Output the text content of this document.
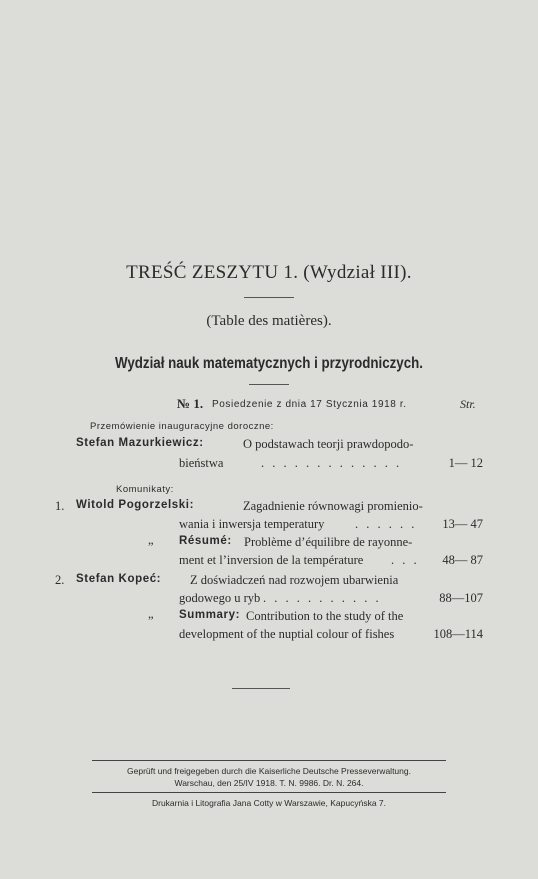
TREŚĆ ZESZYTU 1. (Wydział III).
(Table des matières).
Wydział nauk matematycznych i przyrodniczych.
№ 1. Posiedzenie z dnia 17 Stycznia 1918 r.	Str.
Przemówienie inauguracyjne doroczne:
Stefan Mazurkiewicz:	O podstawach teorji prawdopodo-
bieństwa	. . . . . . . . . . . . .	1— 12
Komunikaty:
1. Witold Pogorzelski:	Zagadnienie równowagi promienio-
wania i inwersja temperatury . . . . . .	13— 47
„ Résumé: Problème d’équilibre de rayonne-
ment et l’inversion de la température . . .	48— 87
2. Stefan Kopeć: Z doświadczeń nad rozwojem ubarwienia
godowego u ryb . . . . . . . . . . .	88—107
„ Summary: Contribution to the study of the
development of the nuptial colour of fishes	108—114
Geprüft und freigegeben durch die Kaiserliche Deutsche Presseverwaltung.
Warschau, den 25/IV 1918. T. N. 9986. Dr. N. 264.
Drukarnia i Litografia Jana Cotty w Warszawie, Kapucyńska 7.
